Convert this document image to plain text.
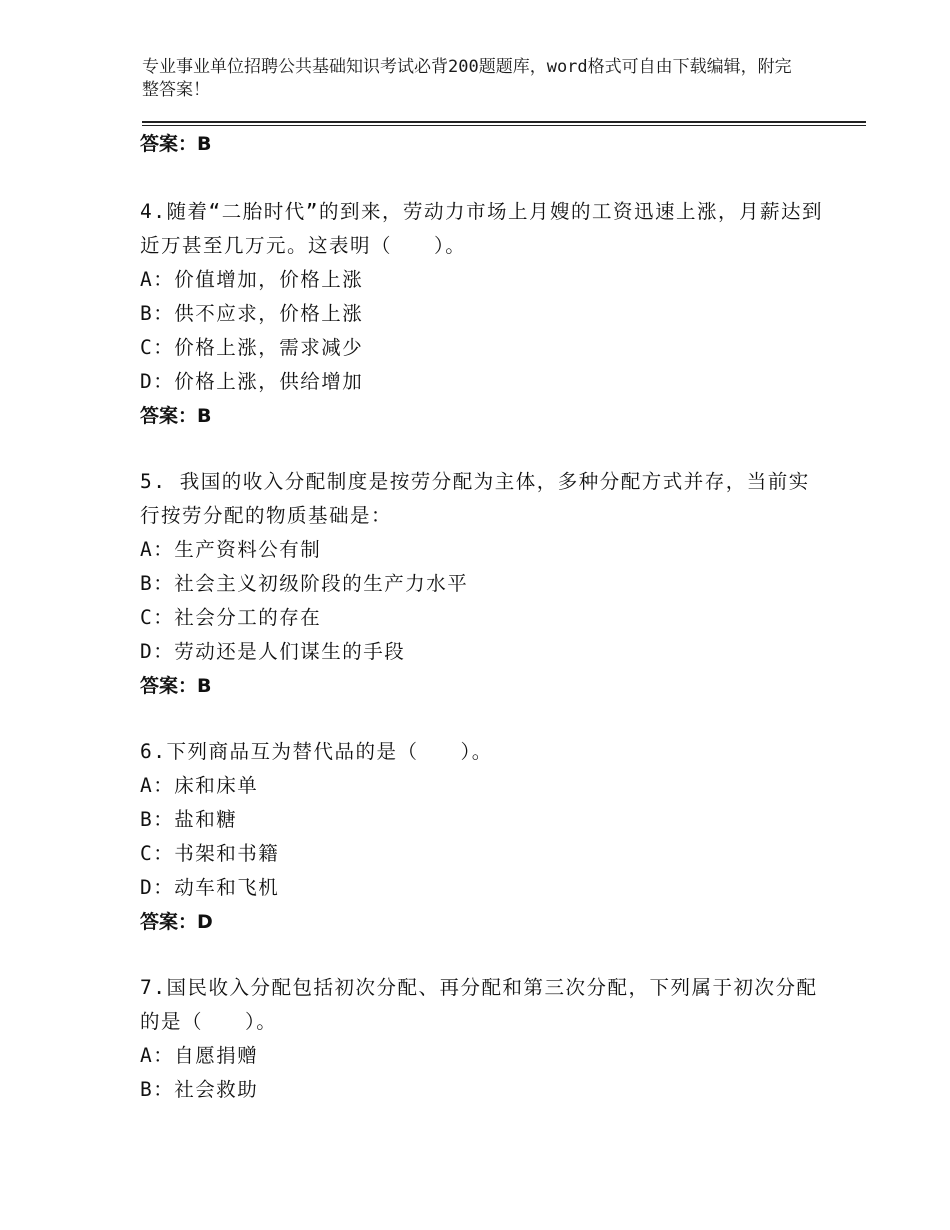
专业事业单位招聘公共基础知识考试必背200题题库，word格式可自由下载编辑，附完整答案！
答案：B
4.随着“二胎时代”的到来，劳动力市场上月嫂的工资迅速上涨，月薪达到近万甚至几万元。这表明（　　）。
A：价值增加，价格上涨
B：供不应求，价格上涨
C：价格上涨，需求减少
D：价格上涨，供给增加
答案：B
5. 我国的收入分配制度是按劳分配为主体，多种分配方式并存，当前实行按劳分配的物质基础是：
A：生产资料公有制
B：社会主义初级阶段的生产力水平
C：社会分工的存在
D：劳动还是人们谋生的手段
答案：B
6.下列商品互为替代品的是（　　）。
A：床和床单
B：盐和糖
C：书架和书籍
D：动车和飞机
答案：D
7.国民收入分配包括初次分配、再分配和第三次分配，下列属于初次分配的是（　　）。
A：自愿捐赠
B：社会救助
